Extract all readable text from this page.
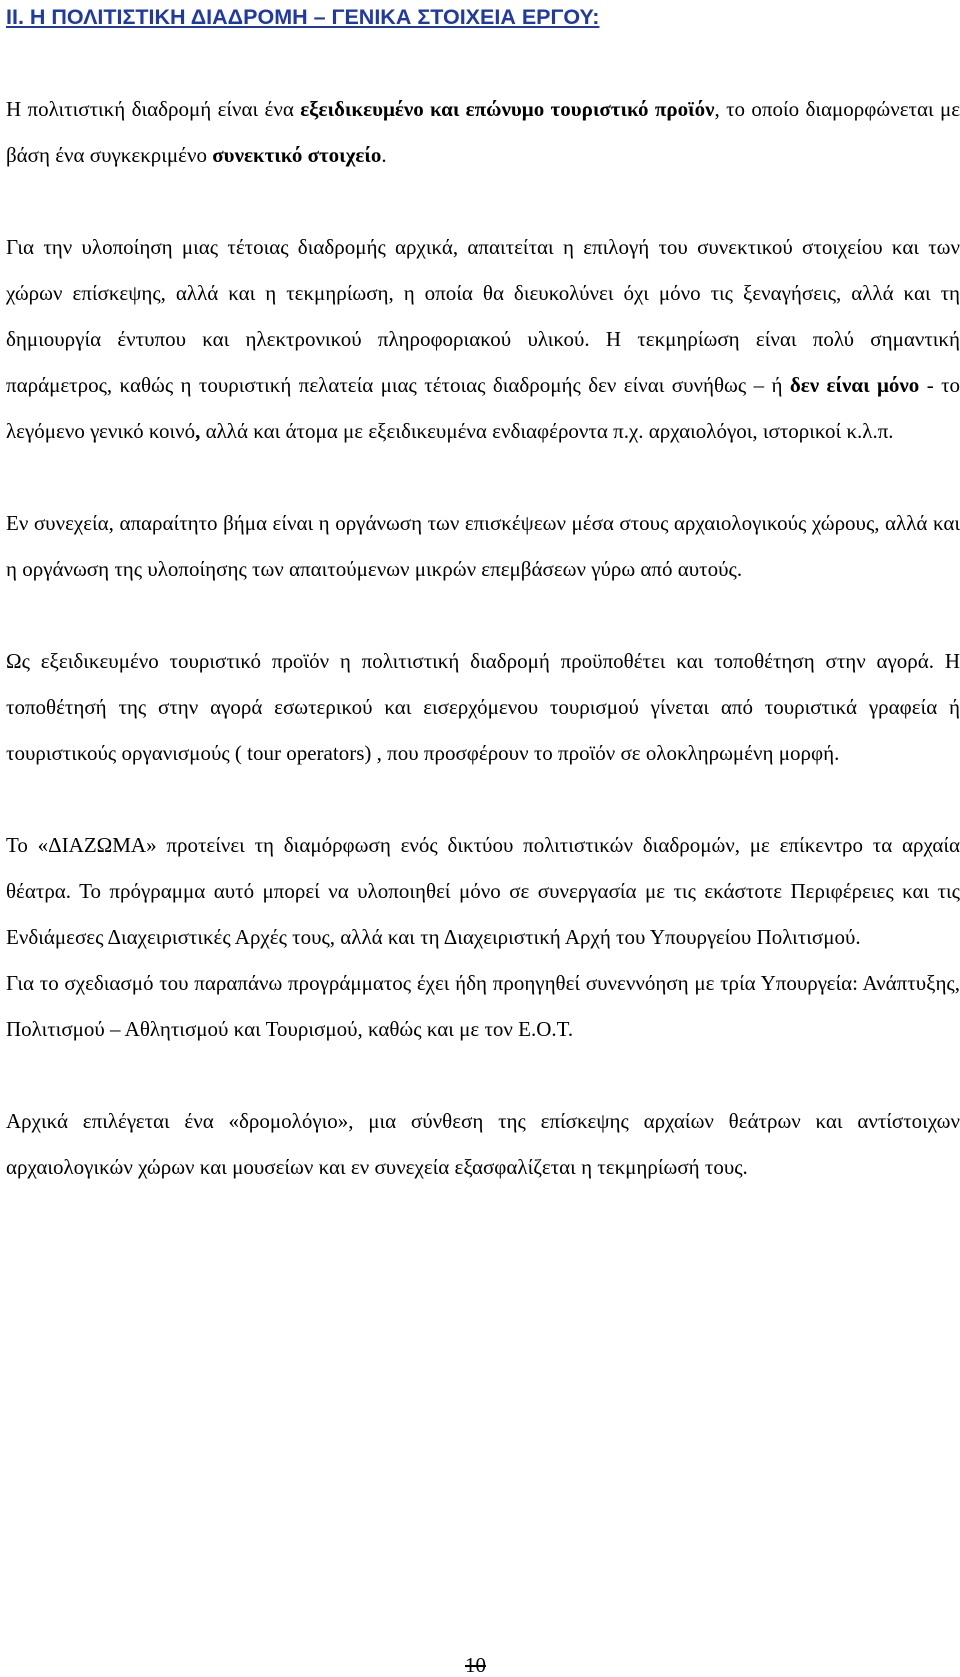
ΙΙ. Η ΠΟΛΙΤΙΣΤΙΚΗ ΔΙΑΔΡΟΜΗ – ΓΕΝΙΚΑ ΣΤΟΙΧΕΙΑ ΕΡΓΟΥ:

Η πολιτιστική διαδρομή είναι ένα εξειδικευμένο και επώνυμο τουριστικό προϊόν, το οποίο διαμορφώνεται με βάση ένα συγκεκριμένο συνεκτικό στοιχείο.

Για την υλοποίηση μιας τέτοιας διαδρομής αρχικά, απαιτείται η επιλογή του συνεκτικού στοιχείου και των χώρων επίσκεψης, αλλά και η τεκμηρίωση, η οποία θα διευκολύνει όχι μόνο τις ξεναγήσεις, αλλά και τη δημιουργία έντυπου και ηλεκτρονικού πληροφοριακού υλικού. Η τεκμηρίωση είναι πολύ σημαντική παράμετρος, καθώς η τουριστική πελατεία μιας τέτοιας διαδρομής δεν είναι συνήθως – ή δεν είναι μόνο - το λεγόμενο γενικό κοινό, αλλά και άτομα με εξειδικευμένα ενδιαφέροντα π.χ. αρχαιολόγοι, ιστορικοί κ.λ.π.

Εν συνεχεία, απαραίτητο βήμα είναι η οργάνωση των επισκέψεων μέσα στους αρχαιολογικούς χώρους, αλλά και η οργάνωση της υλοποίησης των απαιτούμενων μικρών επεμβάσεων γύρω από αυτούς.

Ως εξειδικευμένο τουριστικό προϊόν η πολιτιστική διαδρομή προϋποθέτει και τοποθέτηση στην αγορά. Η τοποθέτησή της στην αγορά εσωτερικού και εισερχόμενου τουρισμού γίνεται από τουριστικά γραφεία ή τουριστικούς οργανισμούς ( tour operators) , που προσφέρουν το προϊόν σε ολοκληρωμένη μορφή.

Το «ΔΙΑΖΩΜΑ» προτείνει τη διαμόρφωση ενός δικτύου πολιτιστικών διαδρομών, με επίκεντρο τα αρχαία θέατρα. Το πρόγραμμα αυτό μπορεί να υλοποιηθεί μόνο σε συνεργασία με τις εκάστοτε Περιφέρειες και τις Ενδιάμεσες Διαχειριστικές Αρχές τους, αλλά και τη Διαχειριστική Αρχή του Υπουργείου Πολιτισμού.

Για το σχεδιασμό του παραπάνω προγράμματος έχει ήδη προηγηθεί συνεννόηση με τρία Υπουργεία: Ανάπτυξης, Πολιτισμού – Αθλητισμού και Τουρισμού, καθώς και με τον Ε.Ο.Τ.

Αρχικά επιλέγεται ένα «δρομολόγιο», μια σύνθεση της επίσκεψης αρχαίων θεάτρων και αντίστοιχων αρχαιολογικών χώρων και μουσείων και εν συνεχεία εξασφαλίζεται η τεκμηρίωσή τους.

10
